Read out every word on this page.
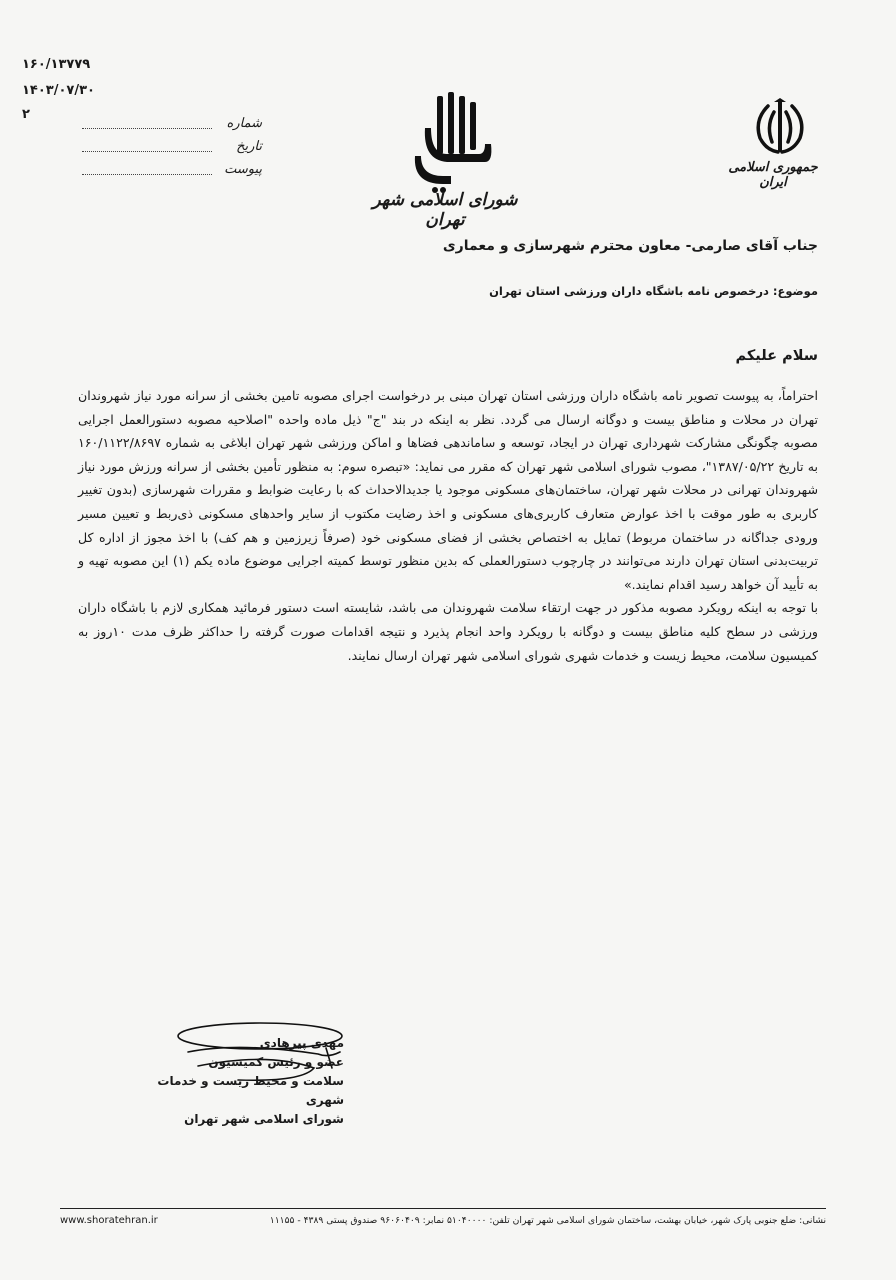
۱۶۰/۱۳۷۷۹
۱۴۰۳/۰۷/۳۰
۲
شماره
تاریخ
پیوست
شورای اسلامی شهر تهران
جمهوری اسلامی ایران
جناب آقای صارمی- معاون محترم شهرسازی و معماری
موضوع: درخصوص نامه باشگاه داران ورزشی استان تهران
سلام علیکم

احتراماً، به پیوست تصویر نامه باشگاه داران ورزشی استان تهران مبنی بر درخواست اجرای مصوبه تامین بخشی از سرانه مورد نیاز شهروندان تهران در محلات و مناطق بیست و دوگانه ارسال می گردد. نظر به اینکه در بند "ج" ذیل ماده واحده "اصلاحیه مصوبه دستورالعمل اجرایی مصوبه چگونگی مشارکت شهرداری تهران در ایجاد، توسعه و ساماندهی فضاها و اماکن ورزشی شهر تهران ابلاغی به شماره ۱۶۰/۱۱۲۲/۸۶۹۷ به تاریخ ۱۳۸۷/۰۵/۲۲"، مصوب شورای اسلامی شهر تهران که مقرر می نماید: «تبصره سوم: به منظور تأمین بخشی از سرانه ورزش مورد نیاز شهروندان تهرانی در محلات شهر تهران، ساختمان‌های مسکونی موجود یا جدیدالاحداث که با رعایت ضوابط و مقررات شهرسازی (بدون تغییر کاربری به طور موقت با اخذ عوارض متعارف کاربری‌های مسکونی و اخذ رضایت مکتوب از سایر واحدهای مسکونی ذی‌ربط و تعیین مسیر ورودی جداگانه در ساختمان مربوط) تمایل به اختصاص بخشی از فضای مسکونی خود (صرفاً زیرزمین و هم کف) با اخذ مجوز از اداره کل تربیت‌بدنی استان تهران دارند می‌توانند در چارچوب دستورالعملی که بدین منظور توسط کمیته اجرایی موضوع ماده یکم (۱) این مصوبه تهیه و به تأیید آن خواهد رسید اقدام نمایند.»

با توجه به اینکه رویکرد مصوبه مذکور در جهت ارتقاء سلامت شهروندان می باشد، شایسته است دستور فرمائید همکاری لازم با باشگاه داران ورزشی در سطح کلیه مناطق بیست و دوگانه با رویکرد واحد انجام پذیرد و نتیجه اقدامات صورت گرفته را حداکثر ظرف مدت ۱۰روز به کمیسیون سلامت، محیط زیست و خدمات شهری شورای اسلامی شهر تهران ارسال نمایند.

مهدی پیرهادی
عضو و رئیس کمیسیون
سلامت و محیط زیست و خدمات شهری
شورای اسلامی شهر تهران
نشانی: ضلع جنوبی پارک شهر، خیابان بهشت، ساختمان شورای اسلامی شهر تهران تلفن: ۵۱۰۴۰۰۰۰ نمابر: ۹۶۰۶۰۴۰۹ صندوق پستی ۴۳۸۹ - ۱۱۱۵۵
www.shoratehran.ir
